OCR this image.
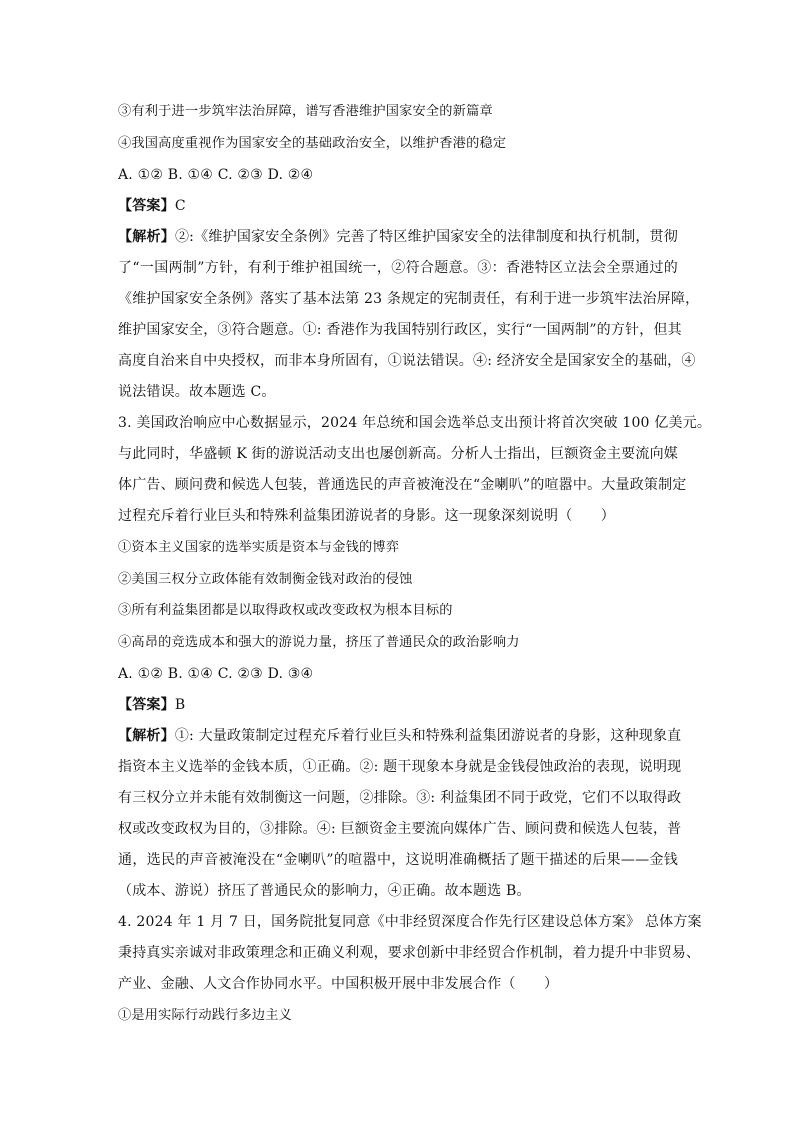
③有利于进一步筑牢法治屏障，谱写香港维护国家安全的新篇章
④我国高度重视作为国家安全的基础政治安全，以维护香港的稳定
A. ①② B. ①④ C. ②③ D. ②④
【答案】C
【解析】②:《维护国家安全条例》完善了特区维护国家安全的法律制度和执行机制，贯彻
了“一国两制”方针，有利于维护祖国统一，②符合题意。③：香港特区立法会全票通过的
《维护国家安全条例》落实了基本法第 23 条规定的宪制责任，有利于进一步筑牢法治屏障，
维护国家安全，③符合题意。①: 香港作为我国特别行政区，实行“一国两制”的方针，但其
高度自治来自中央授权，而非本身所固有，①说法错误。④: 经济安全是国家安全的基础，④
说法错误。故本题选 C。
3. 美国政治响应中心数据显示，2024 年总统和国会选举总支出预计将首次突破 100 亿美元。
与此同时，华盛顿 K 街的游说活动支出也屡创新高。分析人士指出，巨额资金主要流向媒
体广告、顾问费和候选人包装，普通选民的声音被淹没在“金喇叭”的喧嚣中。大量政策制定
过程充斥着行业巨头和特殊利益集团游说者的身影。这一现象深刻说明（　　）
①资本主义国家的选举实质是资本与金钱的博弈
②美国三权分立政体能有效制衡金钱对政治的侵蚀
③所有利益集团都是以取得政权或改变政权为根本目标的
④高昂的竞选成本和强大的游说力量，挤压了普通民众的政治影响力
A. ①② B. ①④ C. ②③ D. ③④
【答案】B
【解析】①: 大量政策制定过程充斥着行业巨头和特殊利益集团游说者的身影，这种现象直
指资本主义选举的金钱本质，①正确。②: 题干现象本身就是金钱侵蚀政治的表现，说明现
有三权分立并未能有效制衡这一问题，②排除。③: 利益集团不同于政党，它们不以取得政
权或改变政权为目的，③排除。④: 巨额资金主要流向媒体广告、顾问费和候选人包装，普
通，选民的声音被淹没在“金喇叭”的喧嚣中，这说明准确概括了题干描述的后果——金钱
（成本、游说）挤压了普通民众的影响力，④正确。故本题选 B。
4. 2024 年 1 月 7 日，国务院批复同意《中非经贸深度合作先行区建设总体方案》 总体方案
秉持真实亲诚对非政策理念和正确义利观，要求创新中非经贸合作机制，着力提升中非贸易、
产业、金融、人文合作协同水平。中国积极开展中非发展合作（　　）
①是用实际行动践行多边主义
